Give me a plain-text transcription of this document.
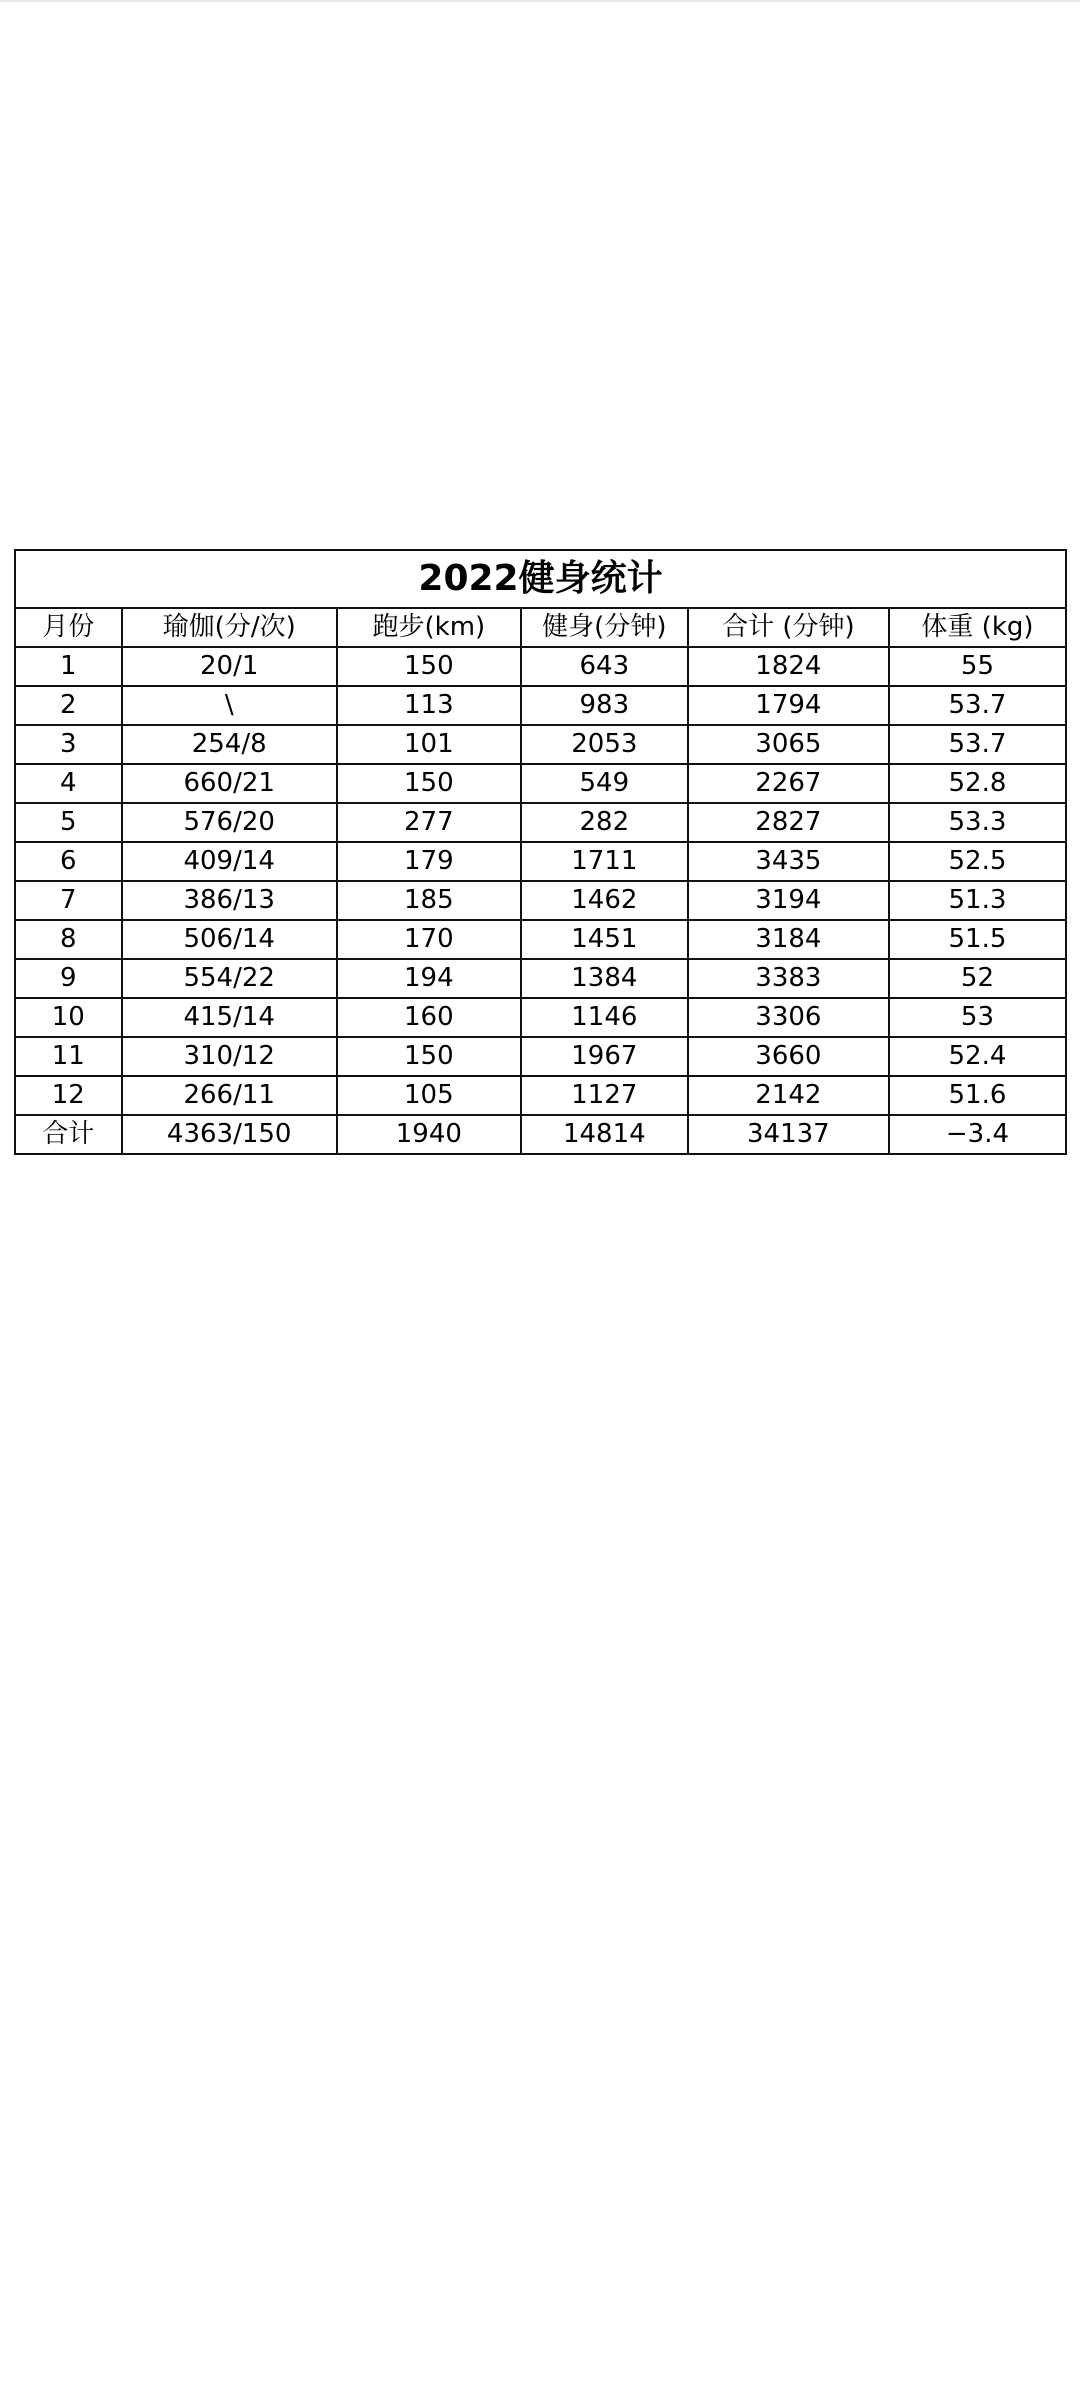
2022健身统计					
月份	瑜伽(分/次)	跑步(km)	健身(分钟)	合计 (分钟)	体重 (kg)
1	20/1	150	643	1824	55
2	\	113	983	1794	53.7
3	254/8	101	2053	3065	53.7
4	660/21	150	549	2267	52.8
5	576/20	277	282	2827	53.3
6	409/14	179	1711	3435	52.5
7	386/13	185	1462	3194	51.3
8	506/14	170	1451	3184	51.5
9	554/22	194	1384	3383	52
10	415/14	160	1146	3306	53
11	310/12	150	1967	3660	52.4
12	266/11	105	1127	2142	51.6
合计	4363/150	1940	14814	34137	−3.4
